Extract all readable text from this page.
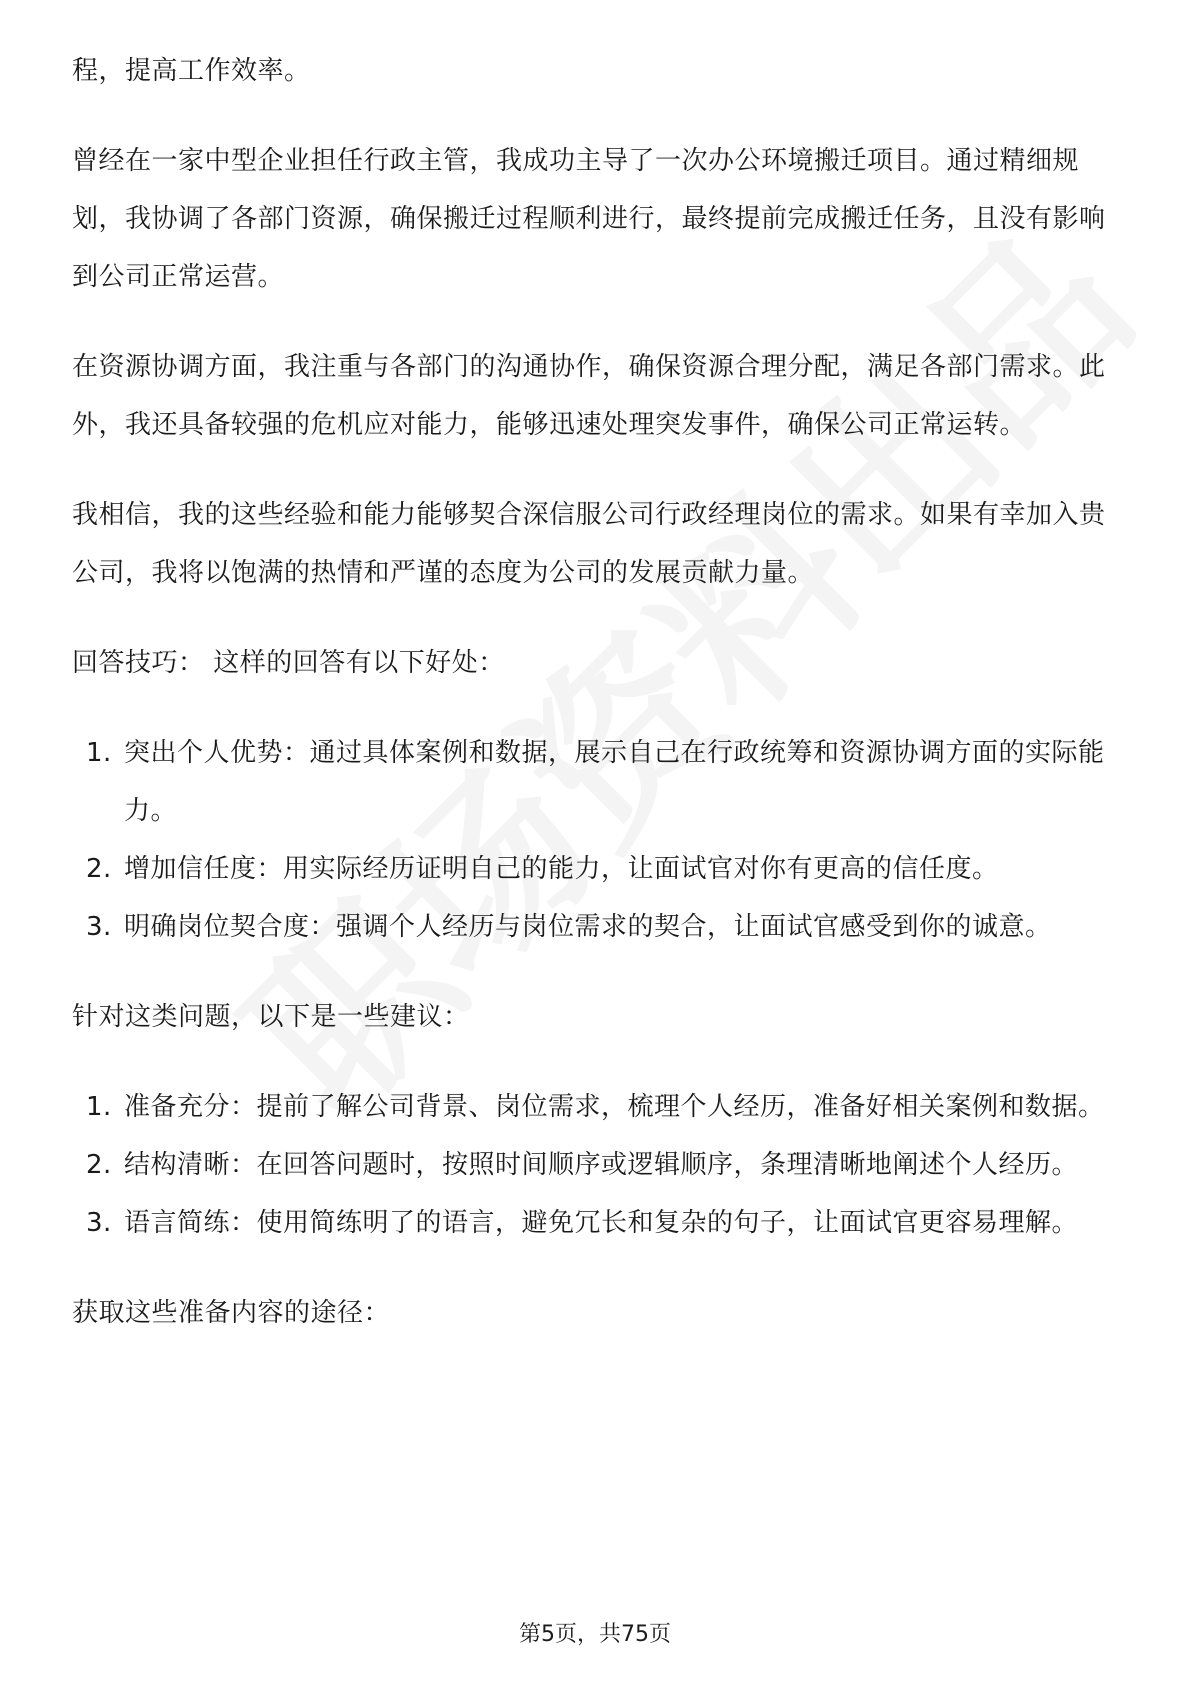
程，提高工作效率。

曾经在一家中型企业担任行政主管，我成功主导了一次办公环境搬迁项目。通过精细规划，我协调了各部门资源，确保搬迁过程顺利进行，最终提前完成搬迁任务，且没有影响到公司正常运营。

在资源协调方面，我注重与各部门的沟通协作，确保资源合理分配，满足各部门需求。此外，我还具备较强的危机应对能力，能够迅速处理突发事件，确保公司正常运转。

我相信，我的这些经验和能力能够契合深信服公司行政经理岗位的需求。如果有幸加入贵公司，我将以饱满的热情和严谨的态度为公司的发展贡献力量。

回答技巧： 这样的回答有以下好处：

1. 突出个人优势：通过具体案例和数据，展示自己在行政统筹和资源协调方面的实际能力。
2. 增加信任度：用实际经历证明自己的能力，让面试官对你有更高的信任度。
3. 明确岗位契合度：强调个人经历与岗位需求的契合，让面试官感受到你的诚意。

针对这类问题，以下是一些建议：

1. 准备充分：提前了解公司背景、岗位需求，梳理个人经历，准备好相关案例和数据。
2. 结构清晰：在回答问题时，按照时间顺序或逻辑顺序，条理清晰地阐述个人经历。
3. 语言简练：使用简练明了的语言，避免冗长和复杂的句子，让面试官更容易理解。

获取这些准备内容的途径：

第5页，共75页
